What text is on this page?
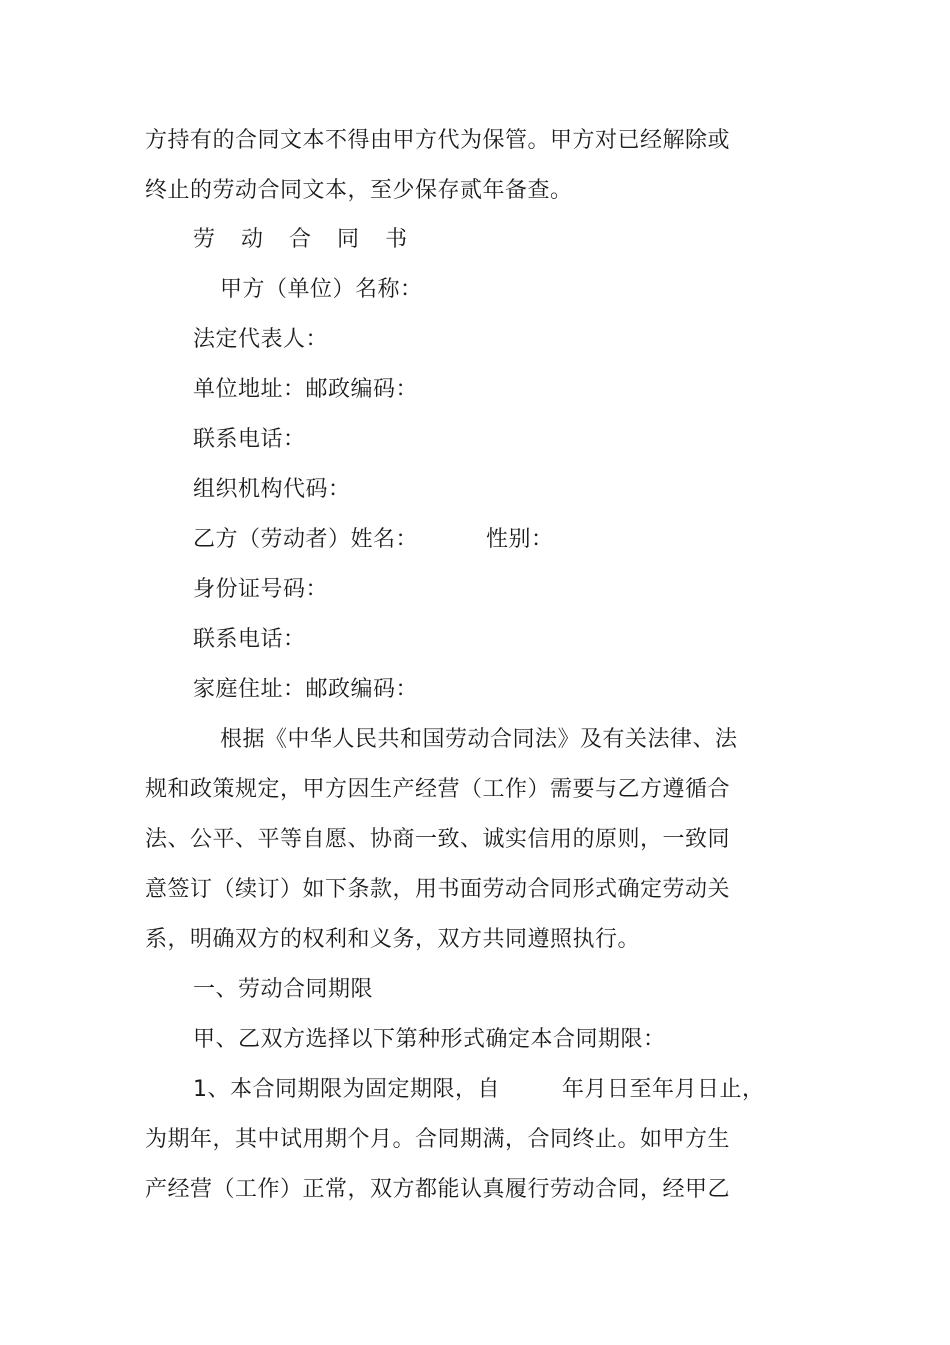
方持有的合同文本不得由甲方代为保管。甲方对已经解除或
终止的劳动合同文本，至少保存贰年备查。
劳 动 合 同 书
甲方（单位）名称：
法定代表人：
单位地址：邮政编码：
联系电话：
组织机构代码：
乙方（劳动者）姓名：	性别：
身份证号码：
联系电话：
家庭住址：邮政编码：
根据《中华人民共和国劳动合同法》及有关法律、法
规和政策规定，甲方因生产经营（工作）需要与乙方遵循合
法、公平、平等自愿、协商一致、诚实信用的原则，一致同
意签订（续订）如下条款，用书面劳动合同形式确定劳动关
系，明确双方的权利和义务，双方共同遵照执行。
一、劳动合同期限
甲、乙双方选择以下第种形式确定本合同期限：
1、本合同期限为固定期限，自	年月日至年月日止，
为期年，其中试用期个月。合同期满，合同终止。如甲方生
产经营（工作）正常，双方都能认真履行劳动合同，经甲乙
